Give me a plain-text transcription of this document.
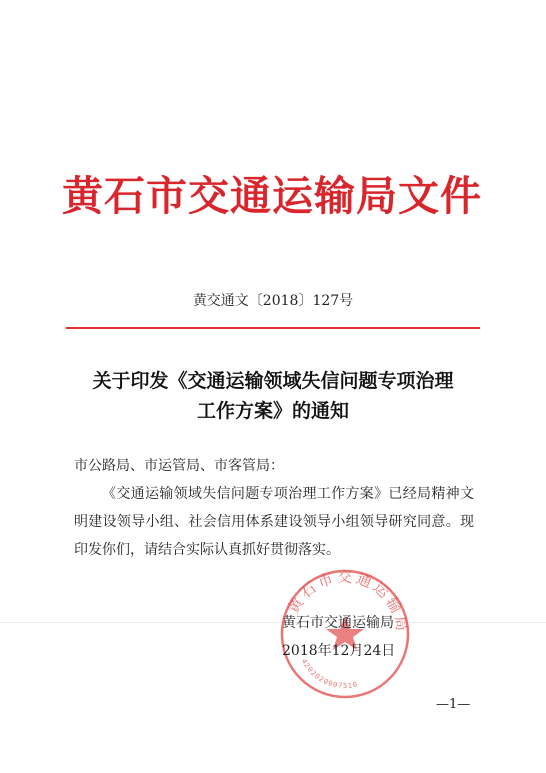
黄石市交通运输局文件
黄交通文〔2018〕127号
关于印发《交通运输领域失信问题专项治理
工作方案》的通知
市公路局、市运管局、市客管局：
《交通运输领域失信问题专项治理工作方案》已经局精神文明建设领导小组、社会信用体系建设领导小组领导研究同意。现印发你们，请结合实际认真抓好贯彻落实。
黄石市交通运输局
4202020007510
黄石市交通运输局
2018年12月24日
—1—
